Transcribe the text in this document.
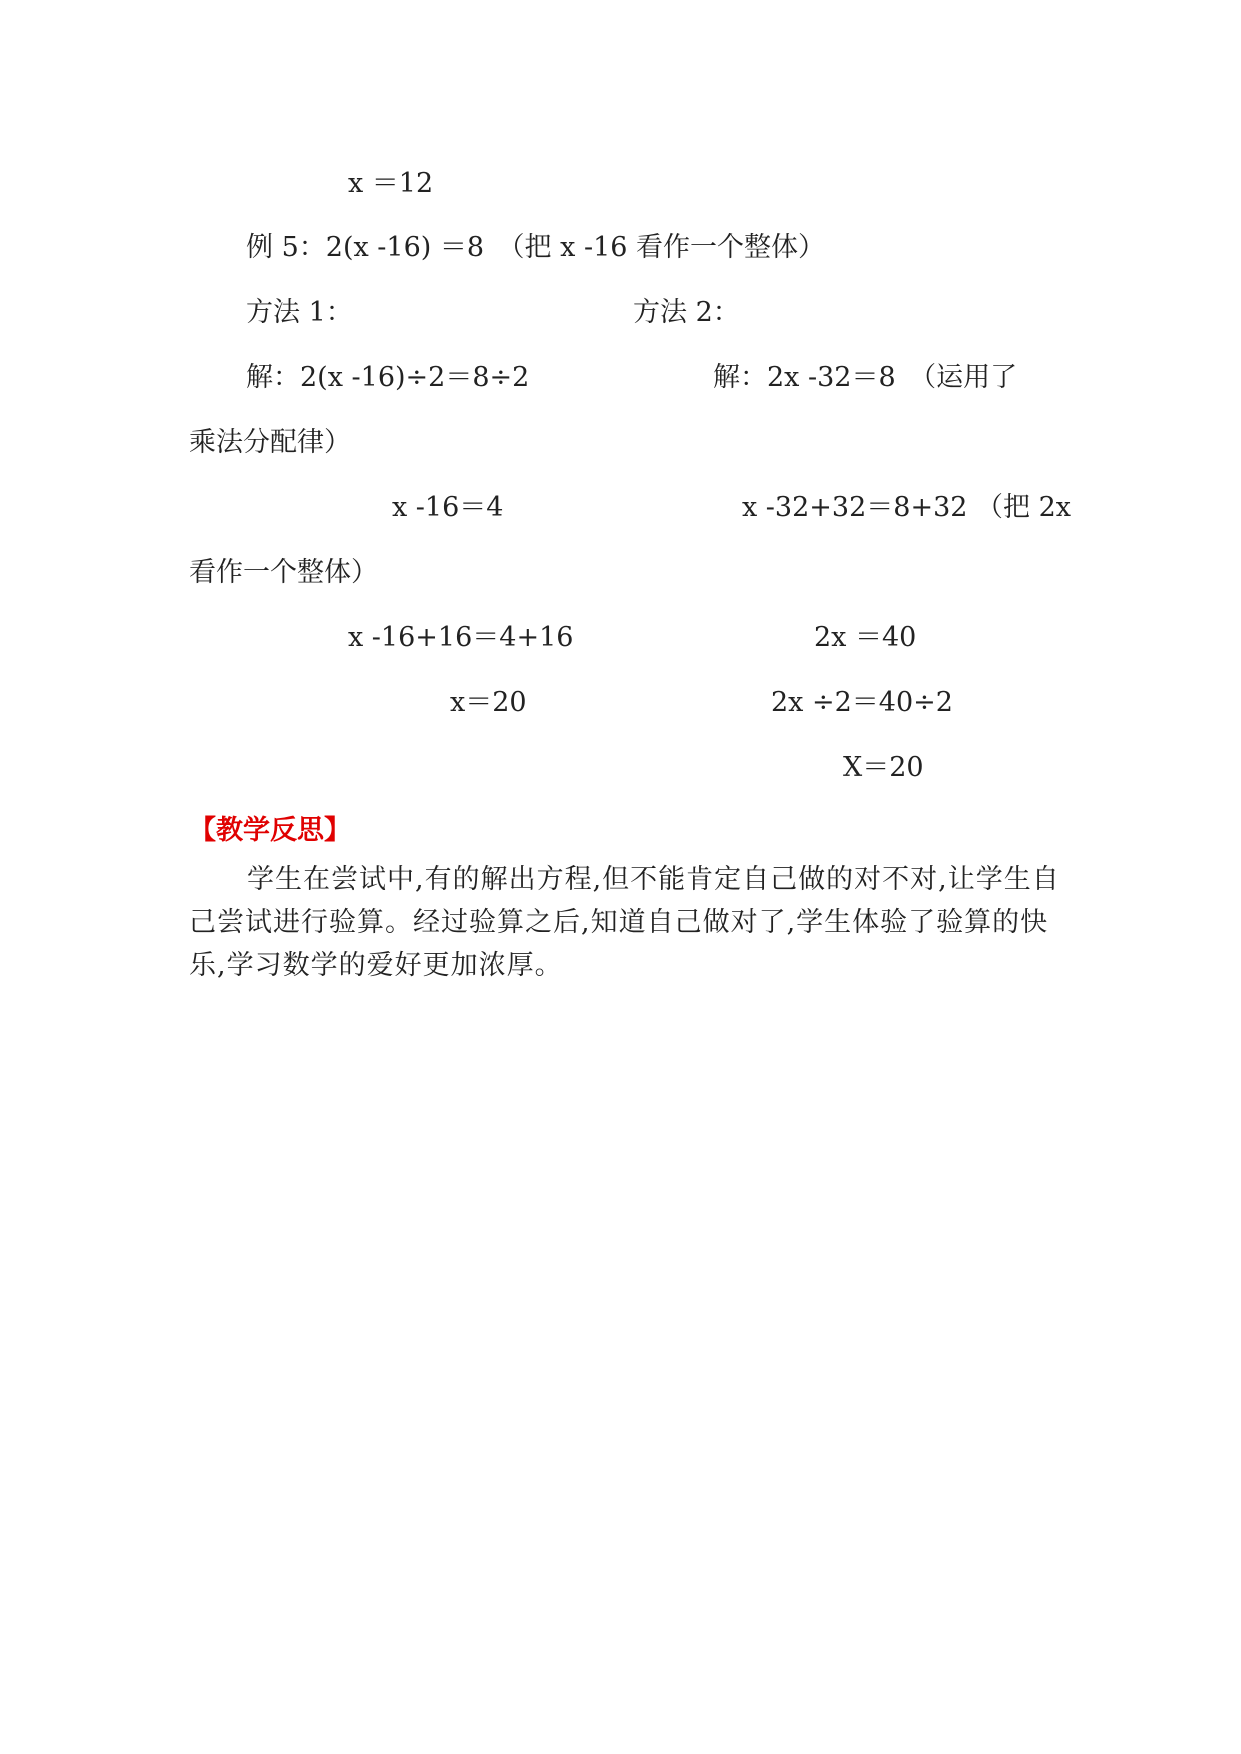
x ＝12
例 5：2(x -16) ＝8　（把 x -16 看作一个整体）
方法 1：	方法 2：
解：2(x -16)÷2＝8÷2	解：2x -32＝8　（运用了
乘法分配律）
x -16＝4	x -32+32＝8+32 （把 2x
看作一个整体）
x -16+16＝4+16	2x ＝40
x＝20	2x ÷2＝40÷2
X＝20
【教学反思】
学生在尝试中,有的解出方程,但不能肯定自己做的对不对,让学生自己尝试进行验算。经过验算之后,知道自己做对了,学生体验了验算的快乐,学习数学的爱好更加浓厚。
